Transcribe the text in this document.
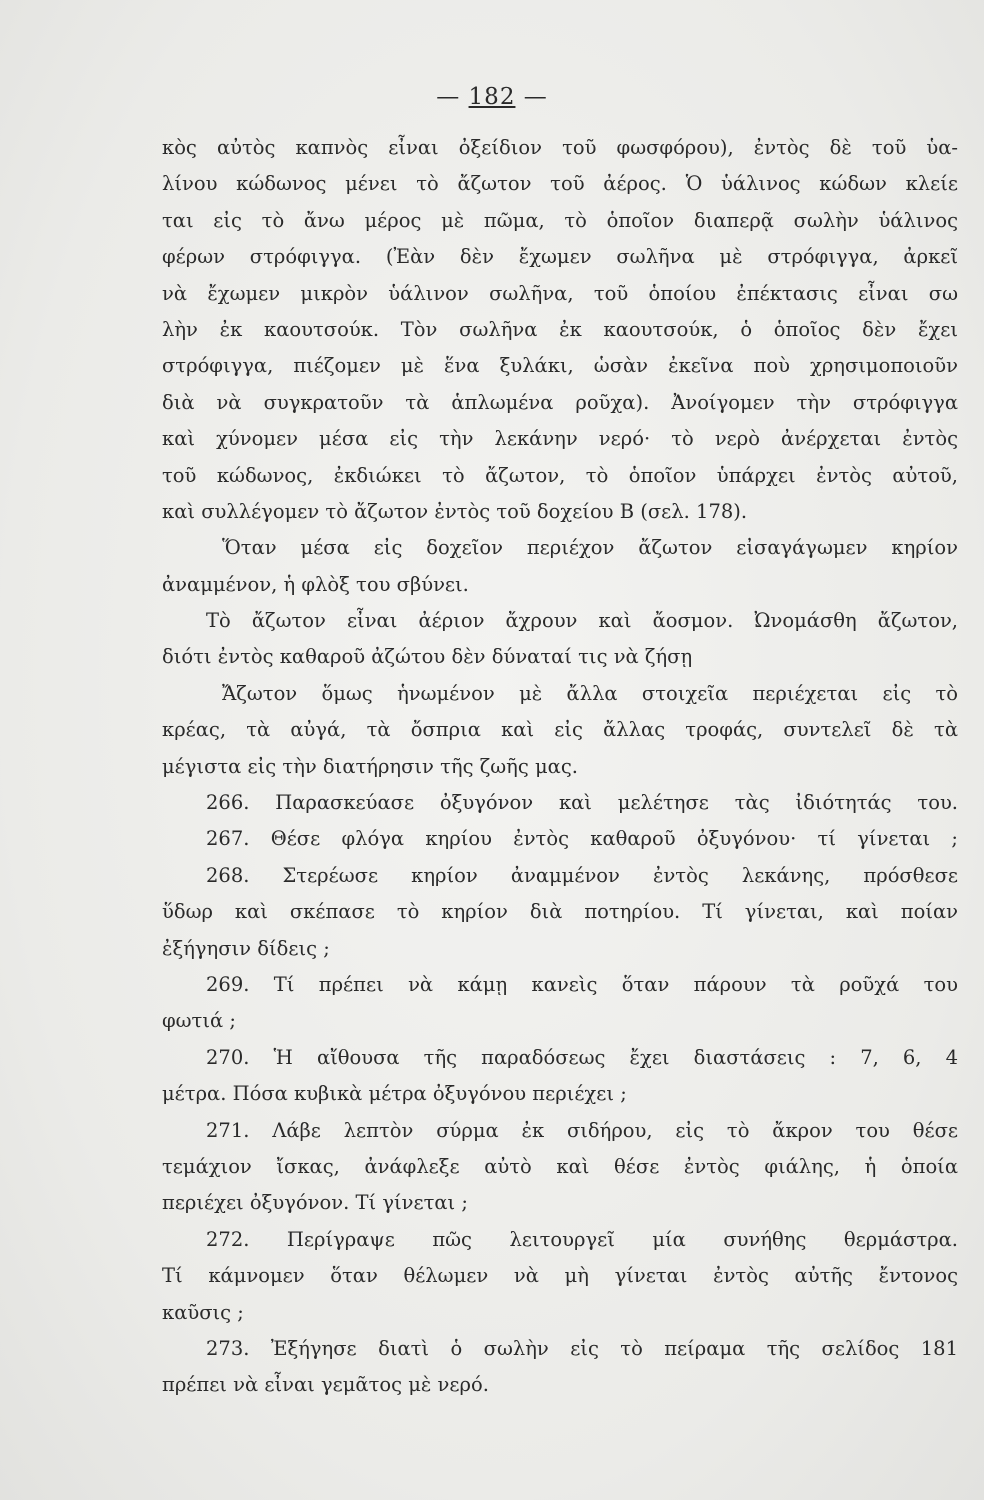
— 182 —
κὸς αὐτὸς καπνὸς εἶναι ὀξείδιον τοῦ φωσφόρου), ἐντὸς δὲ τοῦ ὑα-
λίνου κώδωνος μένει τὸ ἄζωτον τοῦ ἀέρος. Ὁ ὑάλινος κώδων κλείε
ται εἰς τὸ ἄνω μέρος μὲ πῶμα, τὸ ὁποῖον διαπερᾷ σωλὴν ὑάλινος
φέρων στρόφιγγα. (Ἐὰν δὲν ἔχωμεν σωλῆνα μὲ στρόφιγγα, ἀρκεῖ
νὰ ἔχωμεν μικρὸν ὑάλινον σωλῆνα, τοῦ ὁποίου ἐπέκτασις εἶναι σω
λὴν ἐκ καουτσούκ. Τὸν σωλῆνα ἐκ καουτσούκ, ὁ ὁποῖος δὲν ἔχει
στρόφιγγα, πιέζομεν μὲ ἕνα ξυλάκι, ὡσὰν ἐκεῖνα ποὺ χρησιμοποιοῦν
διὰ νὰ συγκρατοῦν τὰ ἁπλωμένα ροῦχα). Ἀνοίγομεν τὴν στρόφιγγα
καὶ χύνομεν μέσα εἰς τὴν λεκάνην νερό· τὸ νερὸ ἀνέρχεται ἐντὸς
τοῦ κώδωνος, ἐκδιώκει τὸ ἄζωτον, τὸ ὁποῖον ὑπάρχει ἐντὸς αὐτοῦ,
καὶ συλλέγομεν τὸ ἄζωτον ἐντὸς τοῦ δοχείου Β (σελ. 178).
Ὅταν μέσα εἰς δοχεῖον περιέχον ἄζωτον εἰσαγάγωμεν κηρίον
ἀναμμένον, ἡ φλὸξ του σβύνει.
Τὸ ἄζωτον εἶναι ἀέριον ἄχρουν καὶ ἄοσμον. Ὠνομάσθη ἄζωτον,
διότι ἐντὸς καθαροῦ ἀζώτου δὲν δύναταί τις νὰ ζήσῃ
Ἄζωτον ὅμως ἡνωμένον μὲ ἄλλα στοιχεῖα περιέχεται εἰς τὸ
κρέας, τὰ αὐγά, τὰ ὄσπρια καὶ εἰς ἄλλας τροφάς, συντελεῖ δὲ τὰ
μέγιστα εἰς τὴν διατήρησιν τῆς ζωῆς μας.
266. Παρασκεύασε ὀξυγόνον καὶ μελέτησε τὰς ἰδιότητάς του.
267. Θέσε φλόγα κηρίου ἐντὸς καθαροῦ ὀξυγόνου· τί γίνεται ;
268. Στερέωσε κηρίον ἀναμμένον ἐντὸς λεκάνης, πρόσθεσε
ὕδωρ καὶ σκέπασε τὸ κηρίον διὰ ποτηρίου. Τί γίνεται, καὶ ποίαν
ἐξήγησιν δίδεις ;
269. Τί πρέπει νὰ κάμῃ κανεὶς ὅταν πάρουν τὰ ροῦχά του
φωτιά ;
270. Ἡ αἴθουσα τῆς παραδόσεως ἔχει διαστάσεις : 7, 6, 4
μέτρα. Πόσα κυβικὰ μέτρα ὀξυγόνου περιέχει ;
271. Λάβε λεπτὸν σύρμα ἐκ σιδήρου, εἰς τὸ ἄκρον του θέσε
τεμάχιον ἴσκας, ἀνάφλεξε αὐτὸ καὶ θέσε ἐντὸς φιάλης, ἡ ὁποία
περιέχει ὀξυγόνον. Τί γίνεται ;
272. Περίγραψε πῶς λειτουργεῖ μία συνήθης θερμάστρα.
Τί κάμνομεν ὅταν θέλωμεν νὰ μὴ γίνεται ἐντὸς αὐτῆς ἔντονος
καῦσις ;
273. Ἐξήγησε διατὶ ὁ σωλὴν εἰς τὸ πείραμα τῆς σελίδος 181
πρέπει νὰ εἶναι γεμᾶτος μὲ νερό.
